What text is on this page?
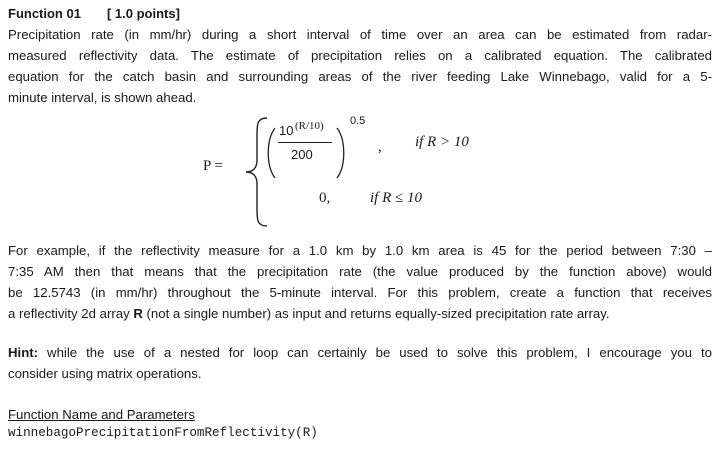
Function 01 [ 1.0 points]

Precipitation rate (in mm/hr) during a short interval of time over an area can be estimated from radar-
measured reflectivity data. The estimate of precipitation relies on a calibrated equation. The calibrated
equation for the catch basin and surrounding areas of the river feeding Lake Winnebago, valid for a 5-
minute interval, is shown ahead.

P =
10 (R/10)
200
0.5
, if R > 10
0,	if R ≤ 10

For example, if the reflectivity measure for a 1.0 km by 1.0 km area is 45 for the period between 7:30 –
7:35 AM then that means that the precipitation rate (the value produced by the function above) would
be 12.5743 (in mm/hr) throughout the 5-minute interval. For this problem, create a function that receives
a reflectivity 2d array R (not a single number) as input and returns equally-sized precipitation rate array.

Hint: while the use of a nested for loop can certainly be used to solve this problem, I encourage you to
consider using matrix operations.

Function Name and Parameters
winnebagoPrecipitationFromReflectivity(R)
